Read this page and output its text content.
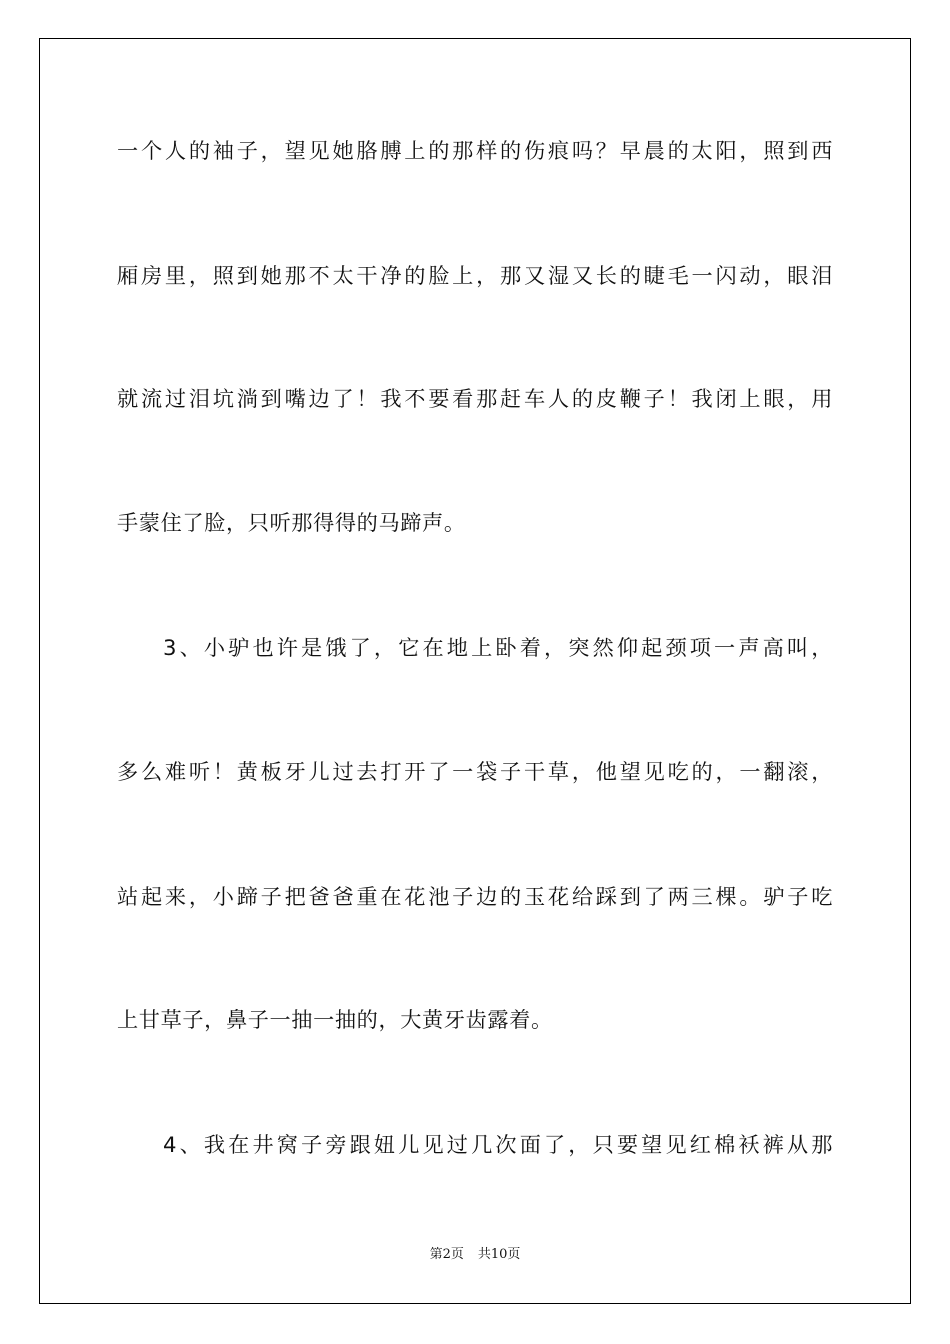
一个人的袖子，望见她胳膊上的那样的伤痕吗？早晨的太阳，照到西
厢房里，照到她那不太干净的脸上，那又湿又长的睫毛一闪动，眼泪
就流过泪坑淌到嘴边了！我不要看那赶车人的皮鞭子！我闭上眼，用
手蒙住了脸，只听那得得的马蹄声。
3、小驴也许是饿了，它在地上卧着，突然仰起颈项一声高叫，
多么难听！黄板牙儿过去打开了一袋子干草，他望见吃的，一翻滚，
站起来，小蹄子把爸爸重在花池子边的玉花给踩到了两三棵。驴子吃
上甘草子，鼻子一抽一抽的，大黄牙齿露着。
4、我在井窝子旁跟妞儿见过几次面了，只要望见红棉袄裤从那
第2页 共10页
